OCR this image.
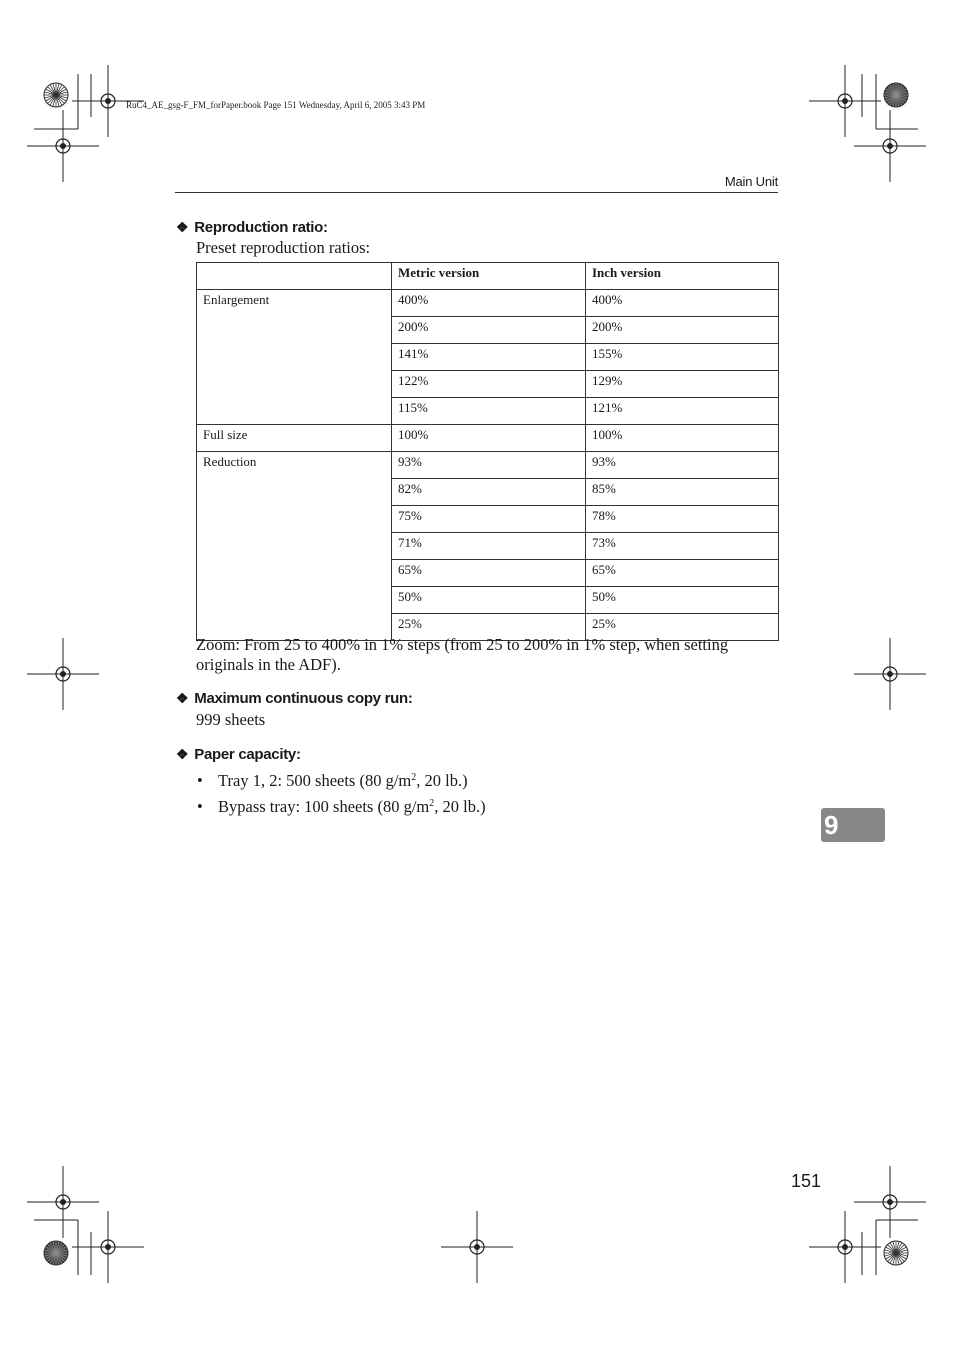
RuC4_AE_gsg-F_FM_forPaper.book Page 151 Wednesday, April 6, 2005 3:43 PM
Main Unit
❖ Reproduction ratio:
Preset reproduction ratios:
	Metric version	Inch version
Enlargement	400%	400%
	200%	200%
	141%	155%
	122%	129%
	115%	121%
Full size	100%	100%
Reduction	93%	93%
	82%	85%
	75%	78%
	71%	73%
	65%	65%
	50%	50%
	25%	25%
Zoom: From 25 to 400% in 1% steps (from 25 to 200% in 1% step, when setting
originals in the ADF).
❖ Maximum continuous copy run:
999 sheets
❖ Paper capacity:
• Tray 1, 2: 500 sheets (80 $g/m^2$, 20 lb.)
• Bypass tray: 100 sheets (80 $g/m^2$, 20 lb.)
9
151
